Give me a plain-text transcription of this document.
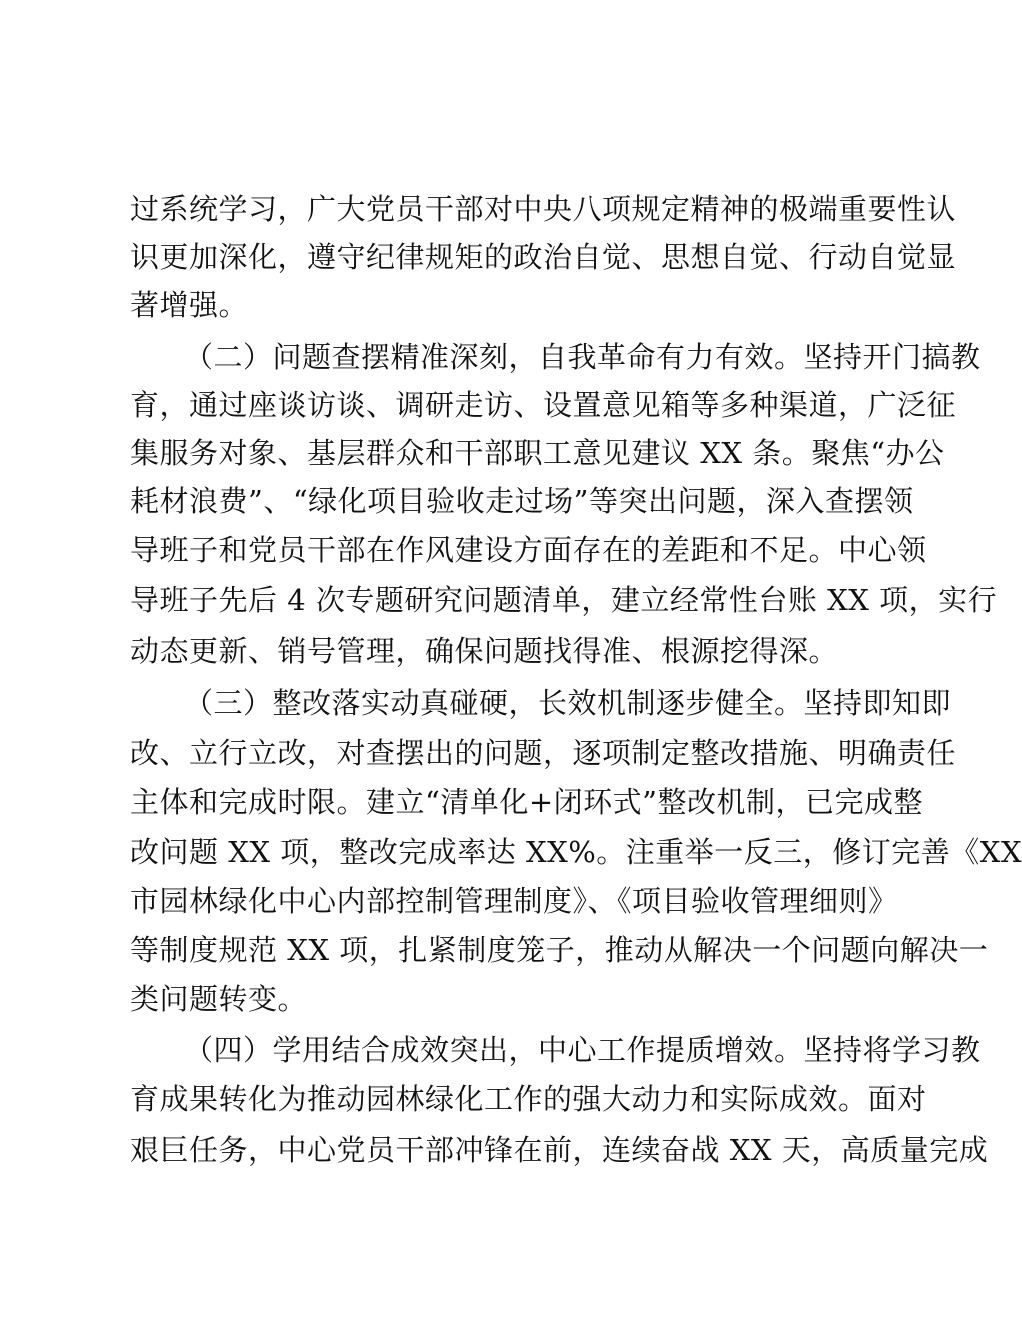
过系统学习，广大党员干部对中央八项规定精神的极端重要性认
识更加深化，遵守纪律规矩的政治自觉、思想自觉、行动自觉显
著增强。
（二）问题查摆精准深刻，自我革命有力有效。坚持开门搞教
育，通过座谈访谈、调研走访、设置意见箱等多种渠道，广泛征
集服务对象、基层群众和干部职工意见建议 XX 条。聚焦“办公
耗材浪费”、“绿化项目验收走过场”等突出问题，深入查摆领
导班子和党员干部在作风建设方面存在的差距和不足。中心领
导班子先后 4 次专题研究问题清单，建立经常性台账 XX 项，实行
动态更新、销号管理，确保问题找得准、根源挖得深。
（三）整改落实动真碰硬，长效机制逐步健全。坚持即知即
改、立行立改，对查摆出的问题，逐项制定整改措施、明确责任
主体和完成时限。建立“清单化+闭环式”整改机制，已完成整
改问题 XX 项，整改完成率达 XX%。注重举一反三，修订完善《XX
市园林绿化中心内部控制管理制度》、《项目验收管理细则》
等制度规范 XX 项，扎紧制度笼子，推动从解决一个问题向解决一
类问题转变。
（四）学用结合成效突出，中心工作提质增效。坚持将学习教
育成果转化为推动园林绿化工作的强大动力和实际成效。面对
艰巨任务，中心党员干部冲锋在前，连续奋战 XX 天，高质量完成
